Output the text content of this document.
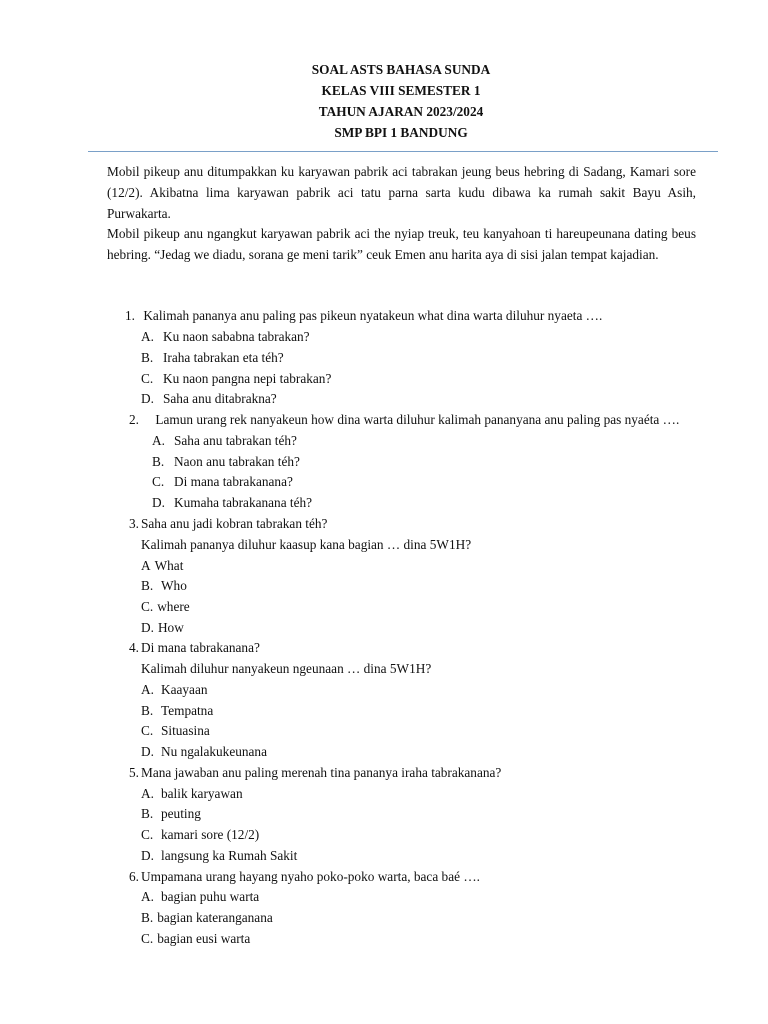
SOAL ASTS BAHASA SUNDA
KELAS VIII SEMESTER 1
TAHUN AJARAN 2023/2024
SMP BPI 1 BANDUNG

Mobil pikeup anu ditumpakkan ku karyawan pabrik aci tabrakan jeung beus hebring di Sadang, Kamari sore (12/2). Akibatna lima karyawan pabrik aci tatu parna sarta kudu dibawa ka rumah sakit Bayu Asih, Purwakarta.

Mobil pikeup anu ngangkut karyawan pabrik aci the nyiap treuk, teu kanyahoan ti hareupeunana dating beus hebring. “Jedag we diadu, sorana ge meni tarik” ceuk Emen anu harita aya di sisi jalan tempat kajadian.

1. Kalimah pananya anu paling pas pikeun nyatakeun what dina warta diluhur nyaeta ….
A. Ku naon sababna tabrakan?
B. Iraha tabrakan eta téh?
C. Ku naon pangna nepi tabrakan?
D. Saha anu ditabrakna?
2. Lamun urang rek nanyakeun how dina warta diluhur kalimah pananyana anu paling pas nyaéta ….
A. Saha anu tabrakan téh?
B. Naon anu tabrakan téh?
C. Di mana tabrakanana?
D. Kumaha tabrakanana téh?
3. Saha anu jadi kobran tabrakan téh?
Kalimah pananya diluhur kaasup kana bagian … dina 5W1H?
A What
B. Who
C. where
D. How
4. Di mana tabrakanana?
Kalimah diluhur nanyakeun ngeunaan … dina 5W1H?
A. Kaayaan
B. Tempatna
C. Situasina
D. Nu ngalakukeunana
5. Mana jawaban anu paling merenah tina pananya iraha tabrakanana?
A. balik karyawan
B. peuting
C. kamari sore (12/2)
D. langsung ka Rumah Sakit
6. Umpamana urang hayang nyaho poko-poko warta, baca baé ….
A. bagian puhu warta
B. bagian kateranganana
C. bagian eusi warta
